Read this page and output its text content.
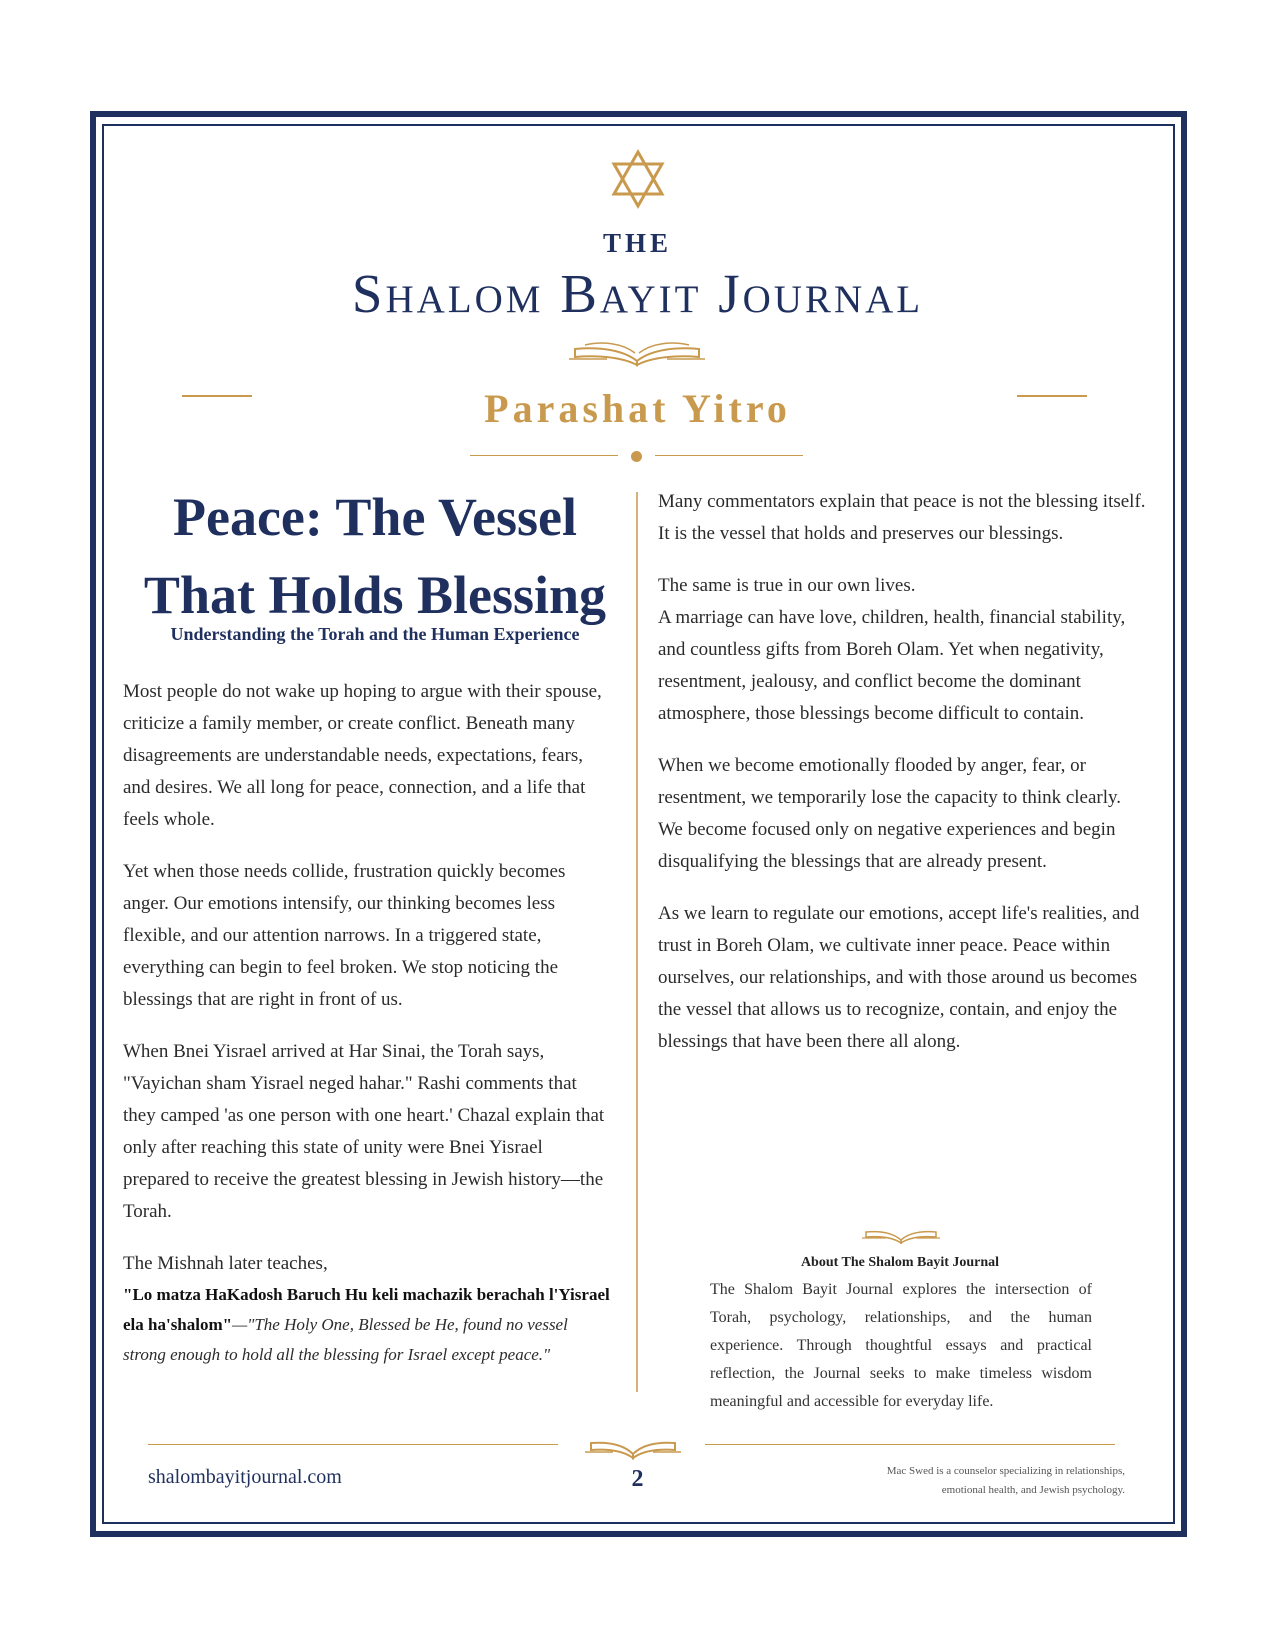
THE
Shalom Bayit Journal
Parashat Yitro
Peace: The Vessel
That Holds Blessing
Understanding the Torah and the Human Experience

Most people do not wake up hoping to argue with their spouse, criticize a family member, or create conflict. Beneath many disagreements are understandable needs, expectations, fears, and desires. We all long for peace, connection, and a life that feels whole.

Yet when those needs collide, frustration quickly becomes anger. Our emotions intensify, our thinking becomes less flexible, and our attention narrows. In a triggered state, everything can begin to feel broken. We stop noticing the blessings that are right in front of us.

When Bnei Yisrael arrived at Har Sinai, the Torah says, "Vayichan sham Yisrael neged hahar." Rashi comments that they camped 'as one person with one heart.' Chazal explain that only after reaching this state of unity were Bnei Yisrael prepared to receive the greatest blessing in Jewish history—the Torah.

The Mishnah later teaches,
"Lo matza HaKadosh Baruch Hu keli machazik berachah l'Yisrael ela ha'shalom"—"The Holy One, Blessed be He, found no vessel strong enough to hold all the blessing for Israel except peace."

Many commentators explain that peace is not the blessing itself. It is the vessel that holds and preserves our blessings.

The same is true in our own lives.

A marriage can have love, children, health, financial stability, and countless gifts from Boreh Olam. Yet when negativity, resentment, jealousy, and conflict become the dominant atmosphere, those blessings become difficult to contain.

When we become emotionally flooded by anger, fear, or resentment, we temporarily lose the capacity to think clearly. We become focused only on negative experiences and begin disqualifying the blessings that are already present.

As we learn to regulate our emotions, accept life's realities, and trust in Boreh Olam, we cultivate inner peace. Peace within ourselves, our relationships, and with those around us becomes the vessel that allows us to recognize, contain, and enjoy the blessings that have been there all along.

About The Shalom Bayit Journal
The Shalom Bayit Journal explores the intersection of Torah, psychology, relationships, and the human experience. Through thoughtful essays and practical reflection, the Journal seeks to make timeless wisdom meaningful and accessible for everyday life.
shalombayitjournal.com	2	Mac Swed is a counselor specializing in relationships,
emotional health, and Jewish psychology.
